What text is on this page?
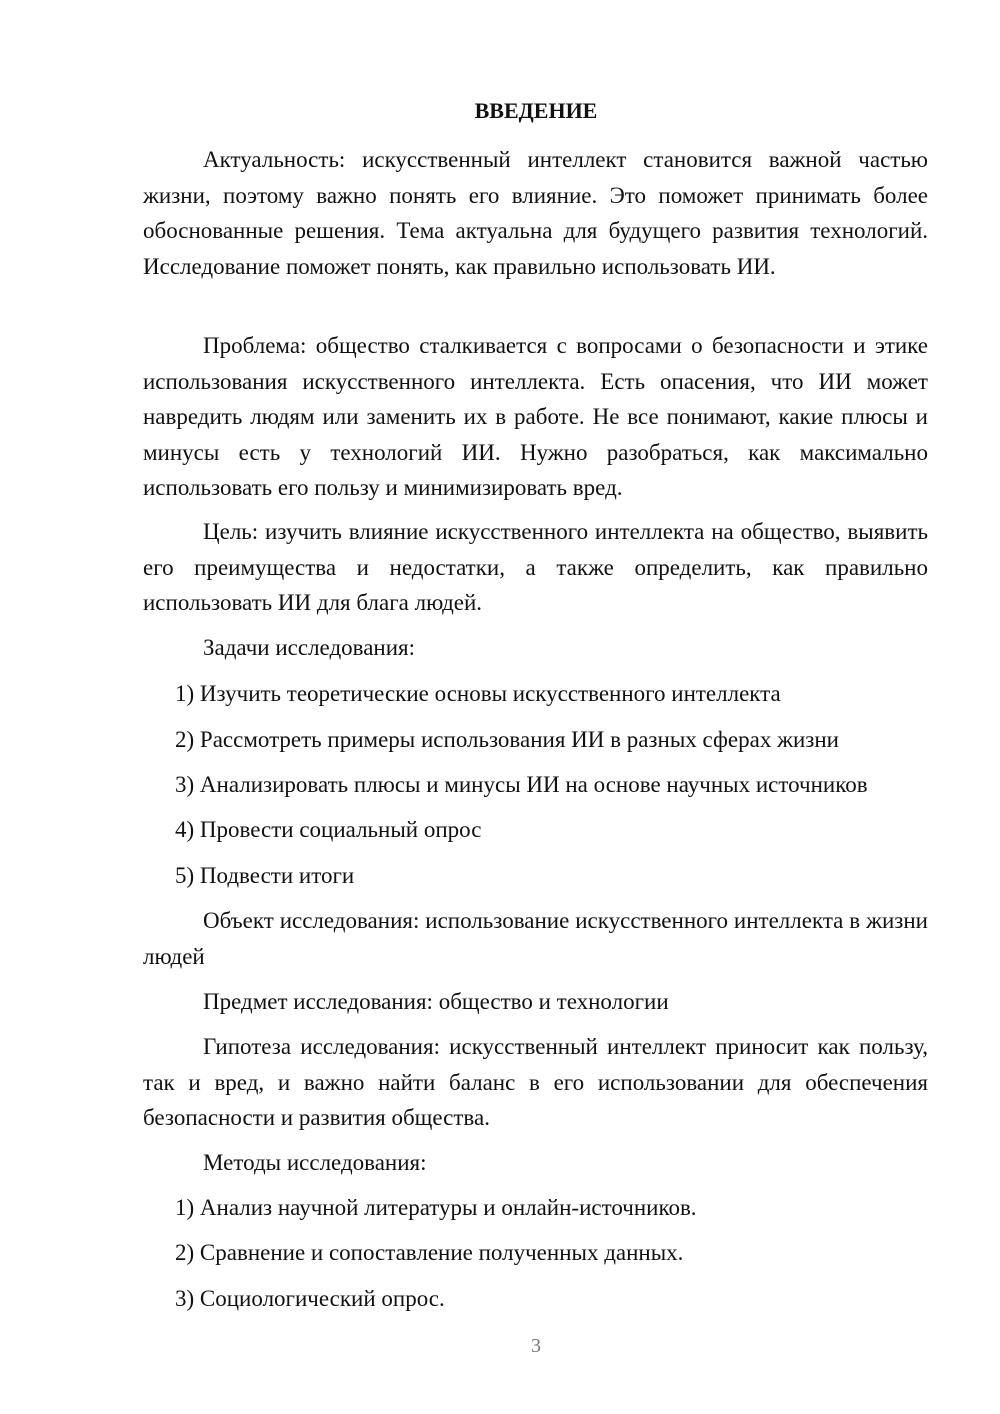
ВВЕДЕНИЕ

Актуальность: искусственный интеллект становится важной частью жизни, поэтому важно понять его влияние. Это поможет принимать более обоснованные решения. Тема актуальна для будущего развития технологий. Исследование поможет понять, как правильно использовать ИИ.

Проблема: общество сталкивается с вопросами о безопасности и этике использования искусственного интеллекта. Есть опасения, что ИИ может навредить людям или заменить их в работе. Не все понимают, какие плюсы и минусы есть у технологий ИИ. Нужно разобраться, как максимально использовать его пользу и минимизировать вред.

Цель: изучить влияние искусственного интеллекта на общество, выявить его преимущества и недостатки, а также определить, как правильно использовать ИИ для блага людей.

Задачи исследования:

1) Изучить теоретические основы искусственного интеллекта

2) Рассмотреть примеры использования ИИ в разных сферах жизни

3) Анализировать плюсы и минусы ИИ на основе научных источников

4) Провести социальный опрос

5) Подвести итоги

Объект исследования: использование искусственного интеллекта в жизни людей

Предмет исследования: общество и технологии

Гипотеза исследования: искусственный интеллект приносит как пользу, так и вред, и важно найти баланс в его использовании для обеспечения безопасности и развития общества.

Методы исследования:

1) Анализ научной литературы и онлайн-источников.

2) Сравнение и сопоставление полученных данных.

3) Социологический опрос.

3
